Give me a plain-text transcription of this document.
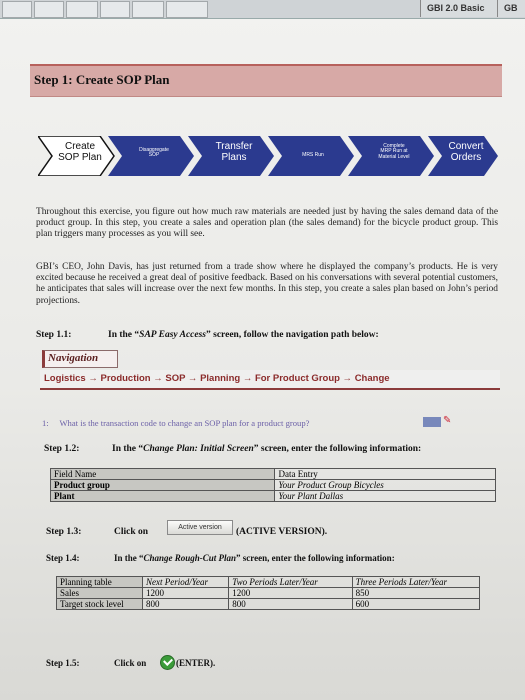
GBI 2.0 Basic	GB
Step 1: Create SOP Plan
Create
SOP Plan
Disaggregate
SOP
Transfer
Plans	MRS Run
Complete
MRP Run at
Material Level
Convert
Orders

Throughout this exercise, you figure out how much raw materials are needed just by having the sales demand data of the product group. In this step, you create a sales and operation plan (the sales demand) for the bicycle product group. This plan triggers many processes as you will see.

GBI’s CEO, John Davis, has just returned from a trade show where he displayed the company’s products. He is very excited because he received a great deal of positive feedback. Based on his conversations with several potential customers, he anticipates that sales will increase over the next few months. In this step, you create a sales plan based on John’s period projections.

Step 1.1:	In the “SAP Easy Access” screen, follow the navigation path below:
Navigation
Logistics → Production → SOP → Planning → For Product Group → Change
1: What is the transaction code to change an SOP plan for a product group?	✎
Step 1.2:	In the “Change Plan: Initial Screen” screen, enter the following information:
Field Name	Data Entry
Product group	Your Product Group Bicycles
Plant	Your Plant Dallas
Step 1.3:	Click on	Active version	(ACTIVE VERSION).
Step 1.4:	In the “Change Rough-Cut Plan” screen, enter the following information:
Planning table	Next Period/Year	Two Periods Later/Year	Three Periods Later/Year
Sales	1200	1200	850
Target stock level	800	800	600
Step 1.5:	Click on	(ENTER).
